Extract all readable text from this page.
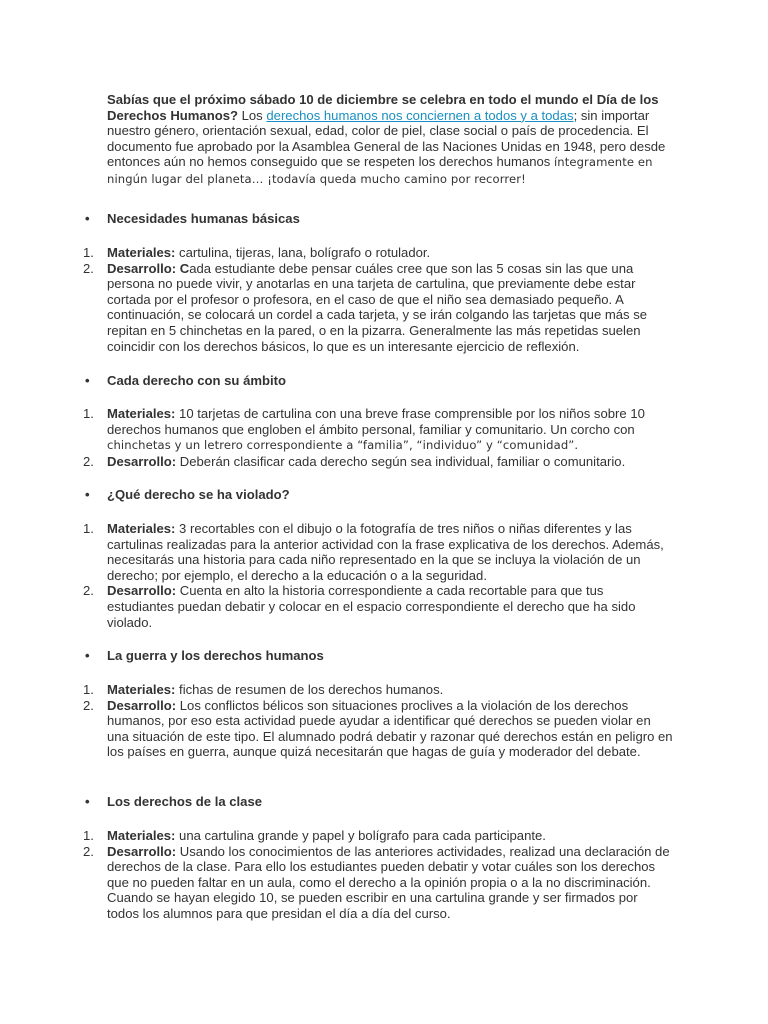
Sabías que el próximo sábado 10 de diciembre se celebra en todo el mundo el Día de los Derechos Humanos? Los derechos humanos nos conciernen a todos y a todas; sin importar nuestro género, orientación sexual, edad, color de piel, clase social o país de procedencia. El documento fue aprobado por la Asamblea General de las Naciones Unidas en 1948, pero desde entonces aún no hemos conseguido que se respeten los derechos humanos íntegramente en ningún lugar del planeta… ¡todavía queda mucho camino por recorrer!

• Necesidades humanas básicas
1. Materiales: cartulina, tijeras, lana, bolígrafo o rotulador.
2. Desarrollo: Cada estudiante debe pensar cuáles cree que son las 5 cosas sin las que una persona no puede vivir, y anotarlas en una tarjeta de cartulina, que previamente debe estar cortada por el profesor o profesora, en el caso de que el niño sea demasiado pequeño. A continuación, se colocará un cordel a cada tarjeta, y se irán colgando las tarjetas que más se repitan en 5 chinchetas en la pared, o en la pizarra. Generalmente las más repetidas suelen coincidir con los derechos básicos, lo que es un interesante ejercicio de reflexión.
• Cada derecho con su ámbito
1. Materiales: 10 tarjetas de cartulina con una breve frase comprensible por los niños sobre 10 derechos humanos que engloben el ámbito personal, familiar y comunitario. Un corcho con chinchetas y un letrero correspondiente a “familia”, “individuo” y “comunidad”.
2. Desarrollo: Deberán clasificar cada derecho según sea individual, familiar o comunitario.
• ¿Qué derecho se ha violado?
1. Materiales: 3 recortables con el dibujo o la fotografía de tres niños o niñas diferentes y las cartulinas realizadas para la anterior actividad con la frase explicativa de los derechos. Además, necesitarás una historia para cada niño representado en la que se incluya la violación de un derecho; por ejemplo, el derecho a la educación o a la seguridad.
2. Desarrollo: Cuenta en alto la historia correspondiente a cada recortable para que tus estudiantes puedan debatir y colocar en el espacio correspondiente el derecho que ha sido violado.
• La guerra y los derechos humanos
1. Materiales: fichas de resumen de los derechos humanos.
2. Desarrollo: Los conflictos bélicos son situaciones proclives a la violación de los derechos humanos, por eso esta actividad puede ayudar a identificar qué derechos se pueden violar en una situación de este tipo. El alumnado podrá debatir y razonar qué derechos están en peligro en los países en guerra, aunque quizá necesitarán que hagas de guía y moderador del debate.
• Los derechos de la clase
1. Materiales: una cartulina grande y papel y bolígrafo para cada participante.
2. Desarrollo: Usando los conocimientos de las anteriores actividades, realizad una declaración de derechos de la clase. Para ello los estudiantes pueden debatir y votar cuáles son los derechos que no pueden faltar en un aula, como el derecho a la opinión propia o a la no discriminación. Cuando se hayan elegido 10, se pueden escribir en una cartulina grande y ser firmados por todos los alumnos para que presidan el día a día del curso.
